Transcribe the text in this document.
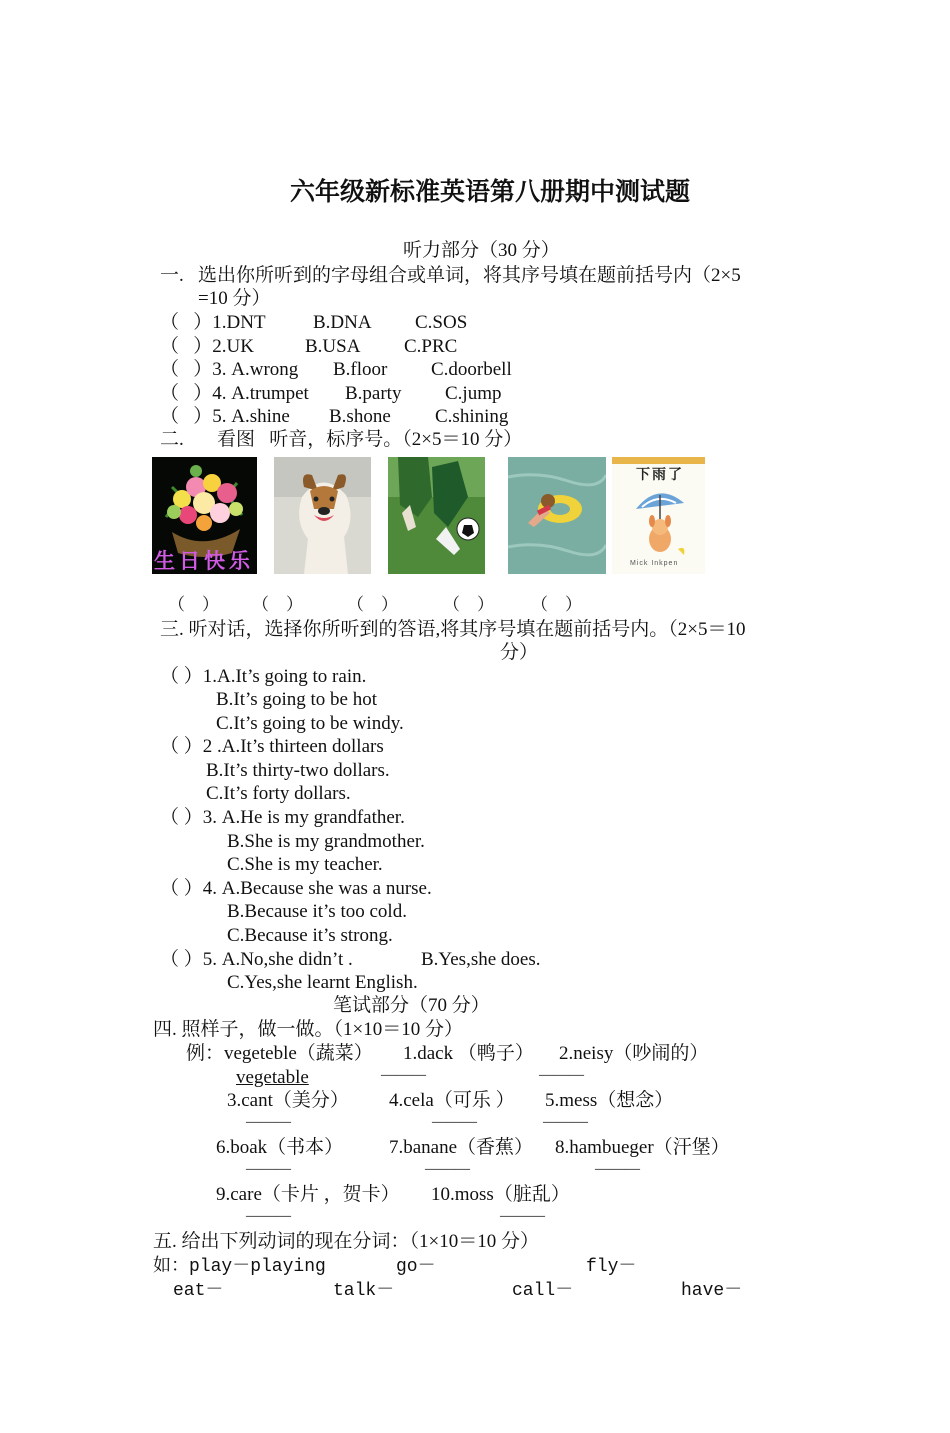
六年级新标准英语第八册期中测试题
听力部分（30 分）
一.   选出你所听到的字母组合或单词，将其序号填在题前括号内（2×5
=10 分）
（   ）1.DNT B.DNA C.SOS
（   ）2.UK	B.USA C.PRC
（   ）3. A.wrong B.floor C.doorbell
（   ）4. A.trumpet B.party C.jump
（   ）5. A.shine B.shone C.shining
二.       看图   听音，标序号。（2×5＝10 分）
生日快乐
下雨了
Mick Inkpen
（    ） （    ）	（    ）	（    ） （    ）
三. 听对话，选择你所听到的答语,将其序号填在题前括号内。（2×5＝10
分）
（ ）1.A.It’s going to rain.
B.It’s going to be hot
C.It’s going to be windy.
（ ）2 .A.It’s thirteen dollars
B.It’s thirty-two dollars.
C.It’s forty dollars.
（ ）3. A.He is my grandfather.
B.She is my grandmother.
C.She is my teacher.
（ ）4. A.Because she was a nurse.
B.Because it’s too cold.
C.Because it’s strong.
（ ）5. A.No,she didn’t .	B.Yes,she does.
C.Yes,she learnt English.
笔试部分（70 分）
四. 照样子，做一做。（1×10＝10 分）
例：vegeteble（蔬菜） 1.dack （鸭子） 2.neisy（吵闹的）
vegetable	———	———
3.cant（美分） 4.cela（可乐 ） 5.mess（想念）
———	———	———
6.boak（书本） 7.banane（香蕉） 8.hambueger（汗堡）
———	———	———
9.care（卡片 ，贺卡） 10.moss（脏乱）
———	———
五. 给出下列动词的现在分词：（1×10＝10 分）
如：play－playing	go－	fly－
eat－	talk－	call－	have－
